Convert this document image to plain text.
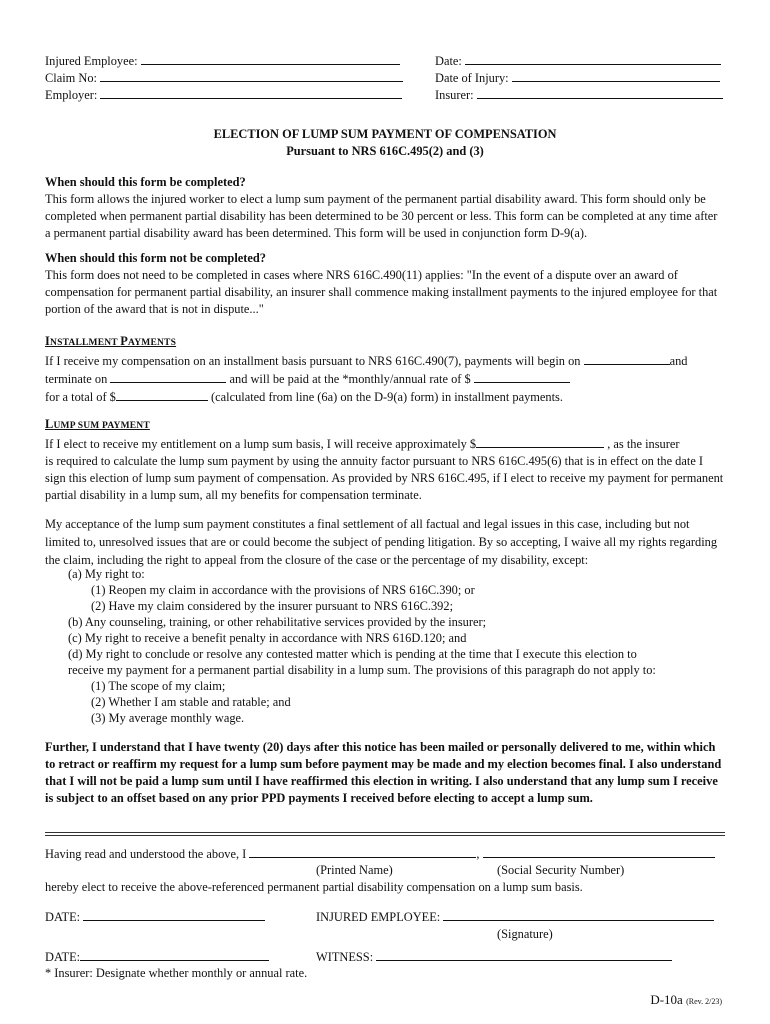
Injured Employee:
Claim No:
Employer:
Date:
Date of Injury:
Insurer:
ELECTION OF LUMP SUM PAYMENT OF COMPENSATION
Pursuant to NRS 616C.495(2) and (3)
When should this form be completed?
This form allows the injured worker to elect a lump sum payment of the permanent partial disability award. This form should only be completed when permanent partial disability has been determined to be 30 percent or less. This form can be completed at any time after a permanent partial disability award has been determined. This form will be used in conjunction form D-9(a).
When should this form not be completed?
This form does not need to be completed in cases where NRS 616C.490(11) applies: "In the event of a dispute over an award of compensation for permanent partial disability, an insurer shall commence making installment payments to the injured employee for that portion of the award that is not in dispute..."
INSTALLMENT PAYMENTS
If I receive my compensation on an installment basis pursuant to NRS 616C.490(7), payments will begin on	and
terminate on	and will be paid at the *monthly/annual rate of $
for a total of $	(calculated from line (6a) on the D-9(a) form) in installment payments.
LUMP SUM PAYMENT
If I elect to receive my entitlement on a lump sum basis, I will receive approximately $	, as the insurer
is required to calculate the lump sum payment by using the annuity factor pursuant to NRS 616C.495(6) that is in effect on the date I sign this election of lump sum payment of compensation. As provided by NRS 616C.495, if I elect to receive my payment for permanent partial disability in a lump sum, all my benefits for compensation terminate.
My acceptance of the lump sum payment constitutes a final settlement of all factual and legal issues in this case, including but not limited to, unresolved issues that are or could become the subject of pending litigation. By so accepting, I waive all my rights regarding the claim, including the right to appeal from the closure of the case or the percentage of my disability, except:
(a) My right to:
(1) Reopen my claim in accordance with the provisions of NRS 616C.390; or
(2) Have my claim considered by the insurer pursuant to NRS 616C.392;
(b) Any counseling, training, or other rehabilitative services provided by the insurer;
(c) My right to receive a benefit penalty in accordance with NRS 616D.120; and
(d) My right to conclude or resolve any contested matter which is pending at the time that I execute this election to
receive my payment for a permanent partial disability in a lump sum. The provisions of this paragraph do not apply to:
(1) The scope of my claim;
(2) Whether I am stable and ratable; and
(3) My average monthly wage.
Further, I understand that I have twenty (20) days after this notice has been mailed or personally delivered to me, within which to retract or reaffirm my request for a lump sum before payment may be made and my election becomes final. I also understand that I will not be paid a lump sum until I have reaffirmed this election in writing. I also understand that any lump sum I receive is subject to an offset based on any prior PPD payments I received before electing to accept a lump sum.
Having read and understood the above, I	,
(Printed Name)	(Social Security Number)
hereby elect to receive the above-referenced permanent partial disability compensation on a lump sum basis.
DATE:	INJURED EMPLOYEE:
(Signature)
DATE:	WITNESS:
* Insurer: Designate whether monthly or annual rate.
D-10a (Rev. 2/23)
